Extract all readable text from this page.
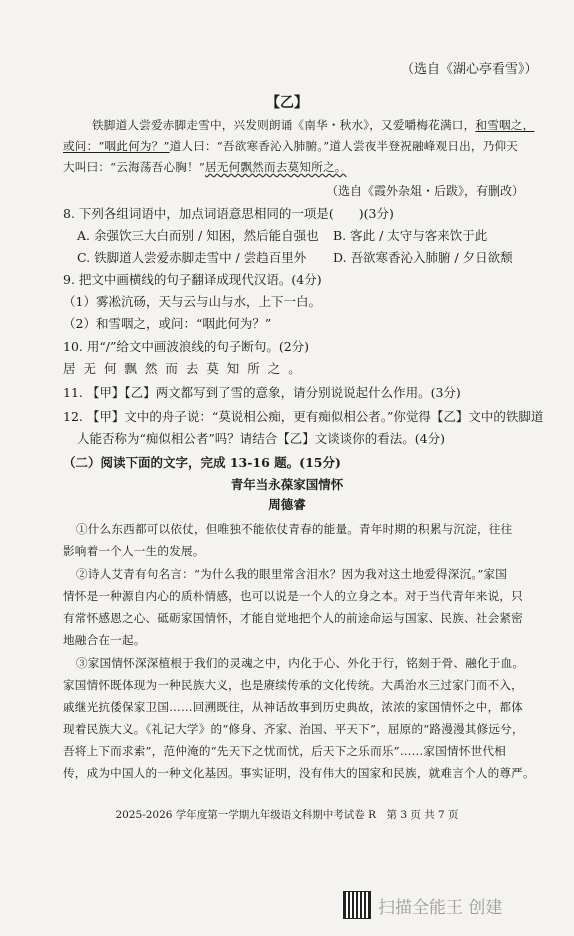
（选自《湖心亭看雪》）
【乙】
铁脚道人尝爱赤脚走雪中，兴发则朗诵《南华・秋水》，又爱嚼梅花满口，和雪咽之，
或问：“咽此何为？”道人曰：“吾欲寒香沁入肺腑。”道人尝夜半登祝融峰观日出，乃仰天
大叫曰：“云海荡吾心胸！”居无何飘然而去莫知所之。
（选自《霞外杂俎・后跋》，有删改）
8. 下列各组词语中，加点词语意思相同的一项是(　　)(3分)
A. 余强饮三大白而别 / 知困，然后能自强也 B. 客此 / 太守与客来饮于此
C. 铁脚道人尝爱赤脚走雪中 / 尝趋百里外 D. 吾欲寒香沁入肺腑 / 夕日欲颓
9. 把文中画横线的句子翻译成现代汉语。(4分)
（1）雾凇沆砀，天与云与山与水，上下一白。
（2）和雪咽之，或问：“咽此何为？”
10. 用“/”给文中画波浪线的句子断句。(2分)
居 无 何 飘 然 而 去 莫 知 所 之 。
11. 【甲】【乙】两文都写到了雪的意象，请分别说说起什么作用。(3分)
12. 【甲】文中的舟子说：“莫说相公痴，更有痴似相公者。”你觉得【乙】文中的铁脚道
人能否称为“痴似相公者”吗？请结合【乙】文谈谈你的看法。(4分)
（二）阅读下面的文字，完成 13-16 题。(15分)
青年当永葆家国情怀
周德睿
①什么东西都可以依仗，但唯独不能依仗青春的能量。青年时期的积累与沉淀，往往
影响着一个人一生的发展。
②诗人艾青有句名言：“为什么我的眼里常含泪水？因为我对这土地爱得深沉。”家国
情怀是一种源自内心的质朴情感，也可以说是一个人的立身之本。对于当代青年来说，只
有常怀感恩之心、砥砺家国情怀，才能自觉地把个人的前途命运与国家、民族、社会紧密
地融合在一起。
③家国情怀深深植根于我们的灵魂之中，内化于心、外化于行，铭刻于骨、融化于血。
家国情怀既体现为一种民族大义，也是赓续传承的文化传统。大禹治水三过家门而不入，
戚继光抗倭保家卫国……回溯既往，从神话故事到历史典故，浓浓的家国情怀之中，都体
现着民族大义。《礼记大学》的“修身、齐家、治国、平天下”，屈原的“路漫漫其修远兮，
吾将上下而求索”，范仲淹的“先天下之忧而忧，后天下之乐而乐”……家国情怀世代相
传，成为中国人的一种文化基因。事实证明，没有伟大的国家和民族，就难言个人的尊严。
2025-2026 学年度第一学期九年级语文科期中考试卷 R　第 3 页 共 7 页
扫描全能王 创建
